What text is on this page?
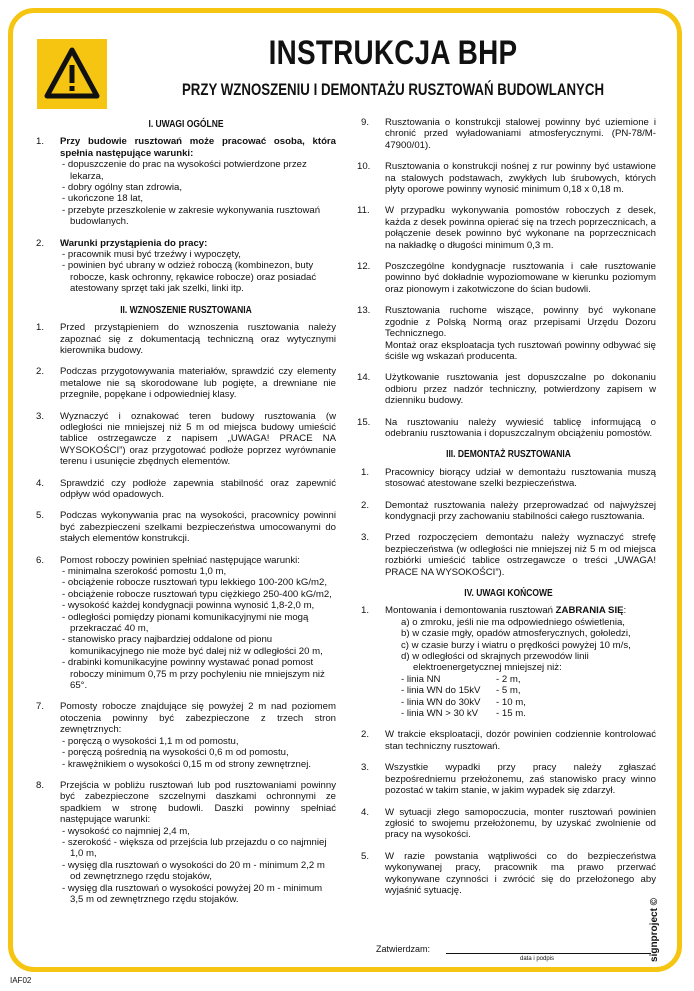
INSTRUKCJA BHP
PRZY WZNOSZENIU I DEMONTAŻU RUSZTOWAŃ BUDOWLANYCH
I. UWAGI OGÓLNE
1. Przy budowie rusztowań może pracować osoba, która spełnia następujące warunki:
- dopuszczenie do prac na wysokości potwierdzone przez lekarza,
- dobry ogólny stan zdrowia,
- ukończone 18 lat,
- przebyte przeszkolenie w zakresie wykonywania rusztowań budowlanych.
2. Warunki przystąpienia do pracy:
- pracownik musi być trzeźwy i wypoczęty,
- powinien być ubrany w odzież roboczą (kombinezon, buty robocze, kask ochronny, rękawice robocze) oraz posiadać atestowany sprzęt taki jak szelki, linki itp.
II. WZNOSZENIE RUSZTOWANIA
1. Przed przystąpieniem do wznoszenia rusztowania należy zapoznać się z dokumentacją techniczną oraz wytycznymi kierownika budowy.
2. Podczas przygotowywania materiałów, sprawdzić czy elementy metalowe nie są skorodowane lub pogięte, a drewniane nie przegniłe, popękane i odpowiedniej klasy.
3. Wyznaczyć i oznakować teren budowy rusztowania (w odległości nie mniejszej niż 5 m od miejsca budowy umieścić tablice ostrzegawcze z napisem „UWAGA! PRACE NA WYSOKOŚCI”) oraz przygotować podłoże poprzez wyrównanie terenu i usunięcie zbędnych elementów.
4. Sprawdzić czy podłoże zapewnia stabilność oraz zapewnić odpływ wód opadowych.
5. Podczas wykonywania prac na wysokości, pracownicy powinni być zabezpieczeni szelkami bezpieczeństwa umocowanymi do stałych elementów konstrukcji.
6. Pomost roboczy powinien spełniać następujące warunki:
- minimalna szerokość pomostu 1,0 m,
- obciążenie robocze rusztowań typu lekkiego 100-200 kG/m2,
- obciążenie robocze rusztowań typu ciężkiego 250-400 kG/m2,
- wysokość każdej kondygnacji powinna wynosić 1,8-2,0 m,
- odległości pomiędzy pionami komunikacyjnymi nie mogą przekraczać 40 m,
- stanowisko pracy najbardziej oddalone od pionu komunikacyjnego nie może być dalej niż w odległości 20 m,
- drabinki komunikacyjne powinny wystawać ponad pomost roboczy minimum 0,75 m przy pochyleniu nie mniejszym niż 65°.
7. Pomosty robocze znajdujące się powyżej 2 m nad poziomem otoczenia powinny być zabezpieczone z trzech stron zewnętrznych:
- poręczą o wysokości 1,1 m od pomostu,
- poręczą pośrednią na wysokości 0,6 m od pomostu,
- krawężnikiem o wysokości 0,15 m od strony zewnętrznej.
8. Przejścia w pobliżu rusztowań lub pod rusztowaniami powinny być zabezpieczone szczelnymi daszkami ochronnymi ze spadkiem w stronę budowli. Daszki powinny spełniać następujące warunki:
- wysokość co najmniej 2,4 m,
- szerokość - większa od przejścia lub przejazdu o co najmniej 1,0 m,
- wysięg dla rusztowań o wysokości do 20 m - minimum 2,2 m od zewnętrznego rzędu stojaków,
- wysięg dla rusztowań o wysokości powyżej 20 m - minimum 3,5 m od zewnętrznego rzędu stojaków.
9. Rusztowania o konstrukcji stalowej powinny być uziemione i chronić przed wyładowaniami atmosferycznymi. (PN-78/M-47900/01).
10. Rusztowania o konstrukcji nośnej z rur powinny być ustawione na stalowych podstawach, zwykłych lub śrubowych, których płyty oporowe powinny wynosić minimum 0,18 x 0,18 m.
11. W przypadku wykonywania pomostów roboczych z desek, każda z desek powinna opierać się na trzech poprzecznicach, a połączenie desek powinno być wykonane na poprzecznicach na nakładkę o długości minimum 0,3 m.
12. Poszczególne kondygnacje rusztowania i całe rusztowanie powinno być dokładnie wypoziomowane w kierunku poziomym oraz pionowym i zakotwiczone do ścian budowli.
13. Rusztowania ruchome wiszące, powinny być wykonane zgodnie z Polską Normą oraz przepisami Urzędu Dozoru Technicznego.
Montaż oraz eksploatacja tych rusztowań powinny odbywać się ściśle wg wskazań producenta.
14. Użytkowanie rusztowania jest dopuszczalne po dokonaniu odbioru przez nadzór techniczny, potwierdzony zapisem w dzienniku budowy.
15. Na rusztowaniu należy wywiesić tablicę informującą o odebraniu rusztowania i dopuszczalnym obciążeniu pomostów.
III. DEMONTAŻ RUSZTOWANIA
1. Pracownicy biorący udział w demontażu rusztowania muszą stosować atestowane szelki bezpieczeństwa.
2. Demontaż rusztowania należy przeprowadzać od najwyższej kondygnacji przy zachowaniu stabilności całego rusztowania.
3. Przed rozpoczęciem demontażu należy wyznaczyć strefę bezpieczeństwa (w odległości nie mniejszej niż 5 m od miejsca rozbiórki umieścić tablice ostrzegawcze o treści „UWAGA! PRACE NA WYSOKOŚCI”).
IV. UWAGI KOŃCOWE
1. Montowania i demontowania rusztowań ZABRANIA SIĘ:
a) o zmroku, jeśli nie ma odpowiedniego oświetlenia,
b) w czasie mgły, opadów atmosferycznych, gołoledzi,
c) w czasie burzy i wiatru o prędkości powyżej 10 m/s,
d) w odległości od skrajnych przewodów linii elektroenergetycznej mniejszej niż:
- linia NN	- 2 m,
- linia WN do 15kV	- 5 m,
- linia WN do 30kV	- 10 m,
- linia WN > 30 kV	- 15 m.
2. W trakcie eksploatacji, dozór powinien codziennie kontrolować stan techniczny rusztowań.
3. Wszystkie wypadki przy pracy należy zgłaszać bezpośredniemu przełożonemu, zaś stanowisko pracy winno pozostać w takim stanie, w jakim wypadek się zdarzył.
4. W sytuacji złego samopoczucia, monter rusztowań powinien zgłosić to swojemu przełożonemu, by uzyskać zwolnienie od pracy na wysokości.
5. W razie powstania wątpliwości co do bezpieczeństwa wykonywanej pracy, pracownik ma prawo przerwać wykonywane czynności i zwrócić się do przełożonego aby wyjaśnić sytuację.
Zatwierdzam:
data i podpis
IAF02
signproject ©
